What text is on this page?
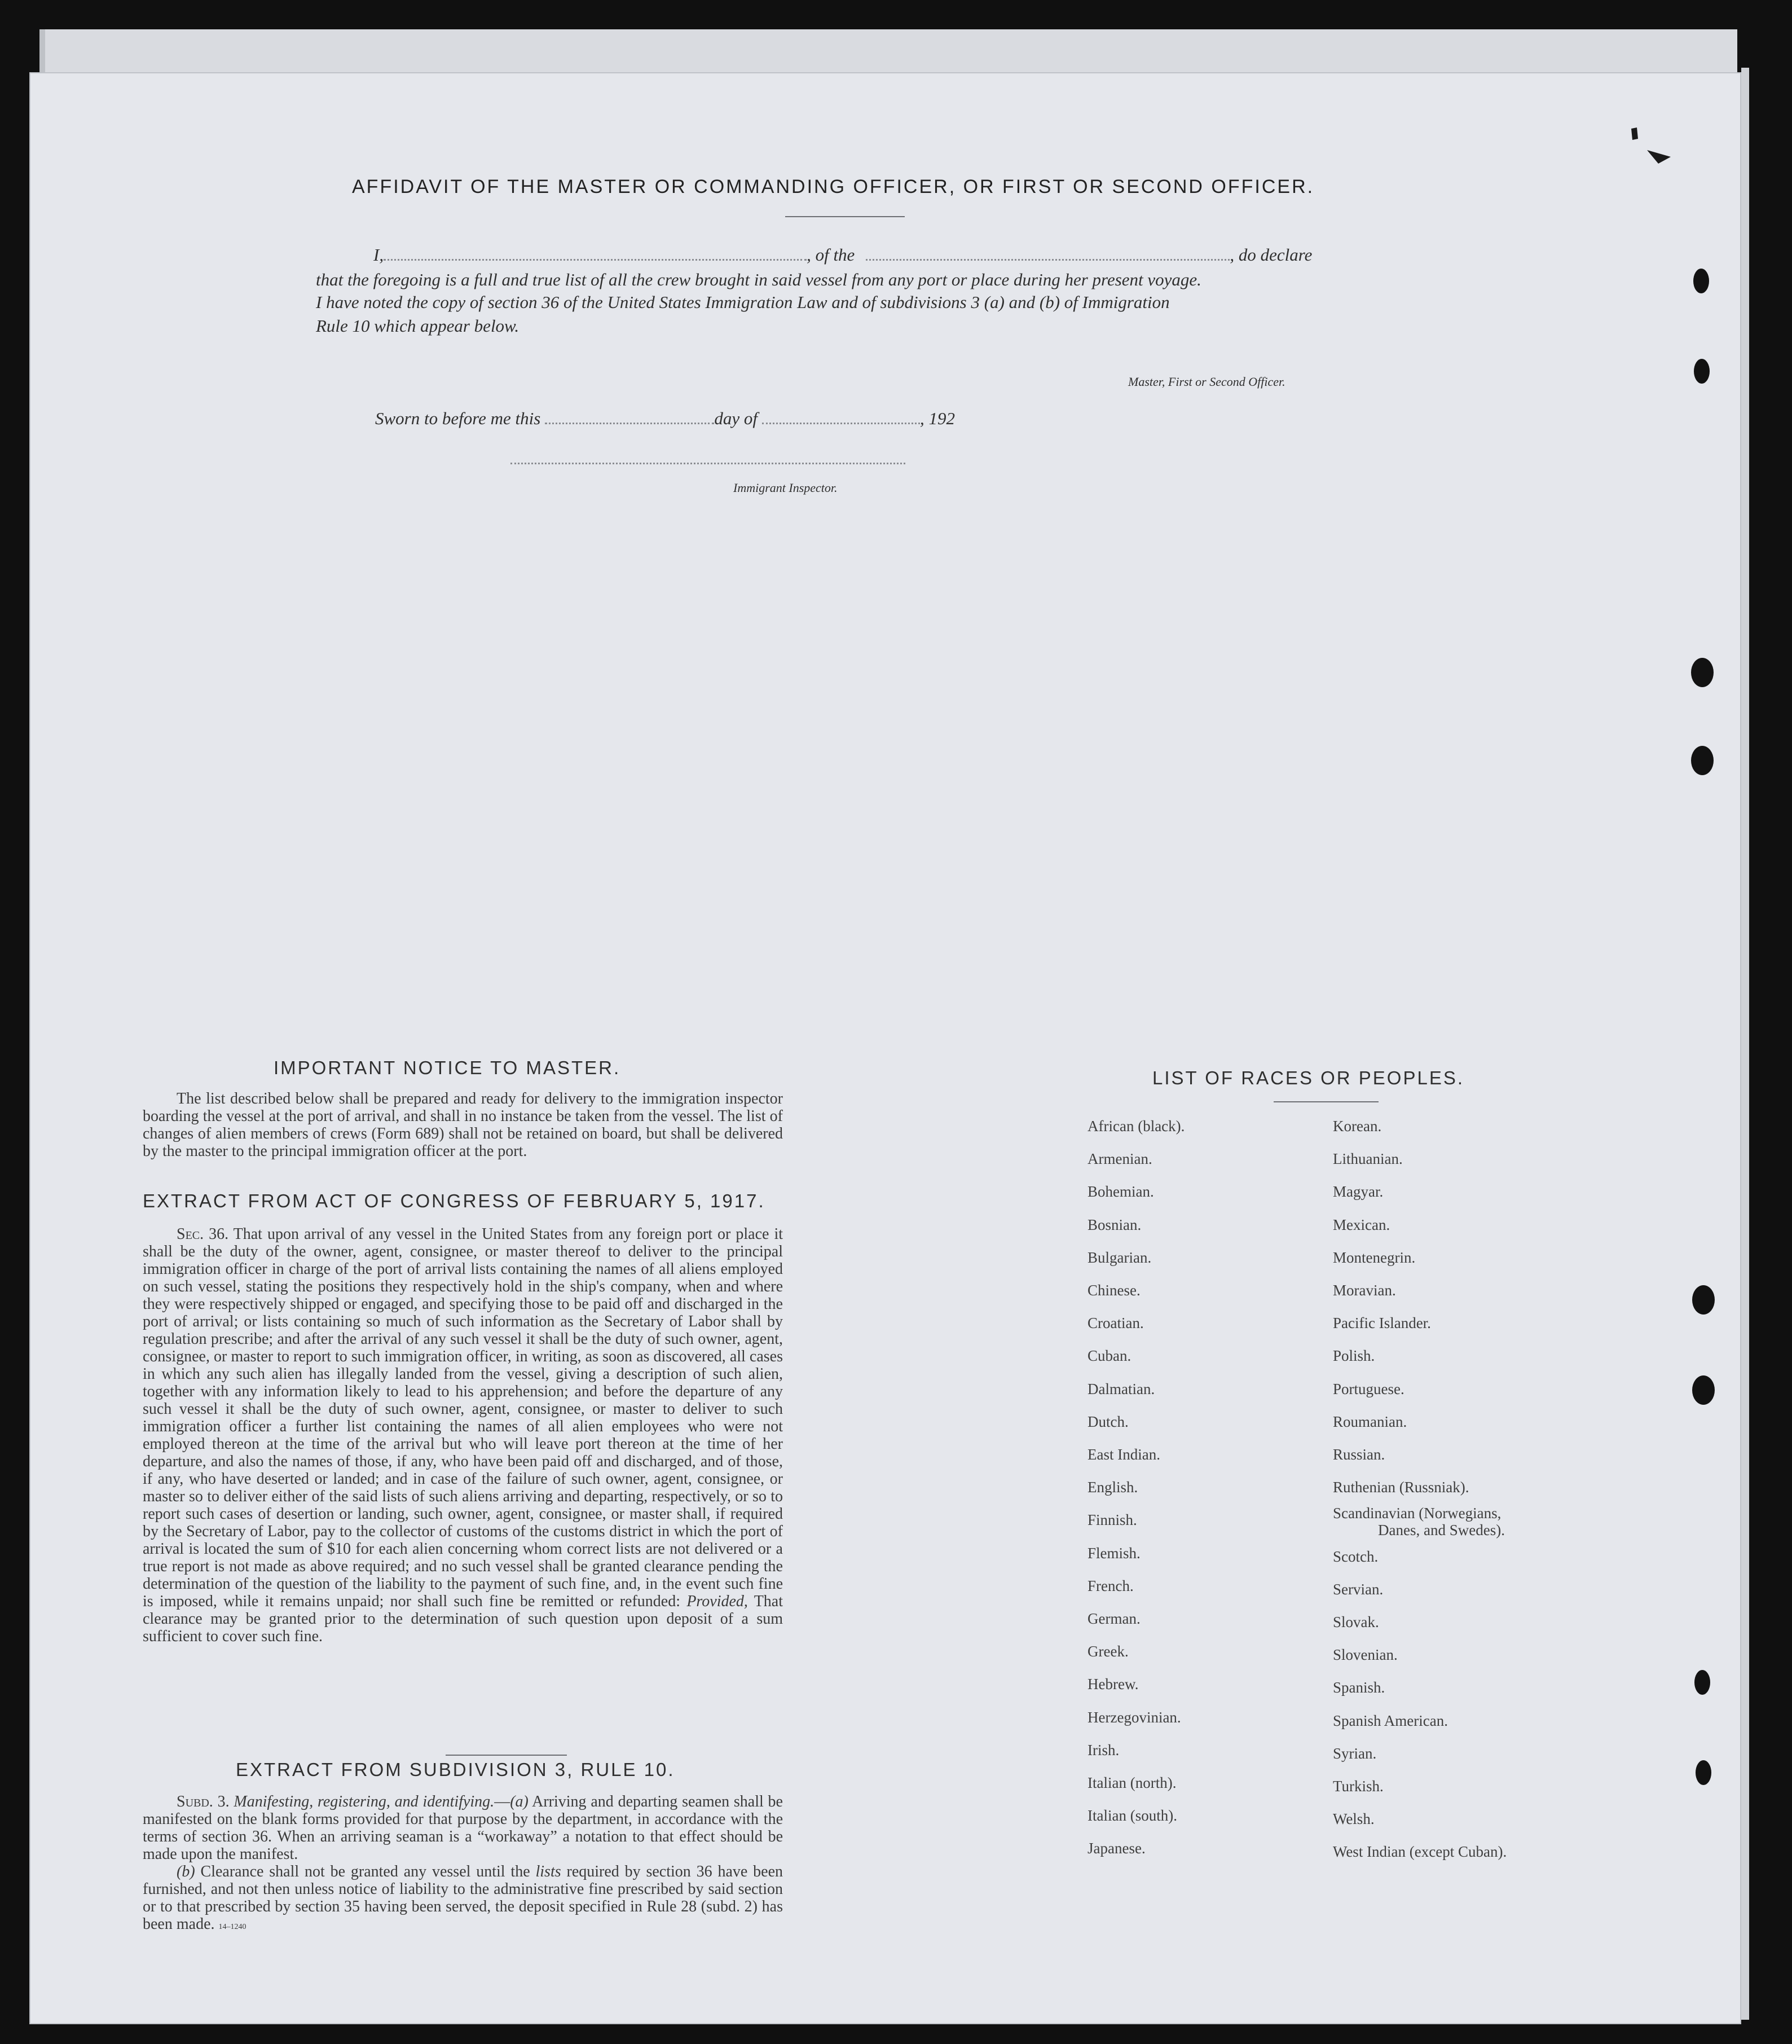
AFFIDAVIT OF THE MASTER OR COMMANDING OFFICER, OR FIRST OR SECOND OFFICER.
I,	, of the	, do declare
that the foregoing is a full and true list of all the crew brought in said vessel from any port or place during her present voyage.
I have noted the copy of section 36 of the United States Immigration Law and of subdivisions 3 (a) and (b) of Immigration
Rule 10 which appear below.
Master, First or Second Officer.
Sworn to before me this	day of	, 192
Immigrant Inspector.
IMPORTANT NOTICE TO MASTER.

The list described below shall be prepared and ready for delivery to the immigration inspector boarding the vessel at the port of arrival, and shall in no instance be taken from the vessel. The list of changes of alien members of crews (Form 689) shall not be retained on board, but shall be delivered by the master to the principal immigration officer at the port.

EXTRACT FROM ACT OF CONGRESS OF FEBRUARY 5, 1917.

Sec. 36. That upon arrival of any vessel in the United States from any foreign port or place it shall be the duty of the owner, agent, consignee, or master thereof to deliver to the principal immigration officer in charge of the port of arrival lists containing the names of all aliens employed on such vessel, stating the positions they respectively hold in the ship's company, when and where they were respectively shipped or engaged, and specifying those to be paid off and discharged in the port of arrival; or lists containing so much of such information as the Secretary of Labor shall by regulation prescribe; and after the arrival of any such vessel it shall be the duty of such owner, agent, consignee, or master to report to such immigration officer, in writing, as soon as discovered, all cases in which any such alien has illegally landed from the vessel, giving a description of such alien, together with any information likely to lead to his apprehension; and before the departure of any such vessel it shall be the duty of such owner, agent, consignee, or master to deliver to such immigration officer a further list containing the names of all alien employees who were not employed thereon at the time of the arrival but who will leave port thereon at the time of her departure, and also the names of those, if any, who have been paid off and discharged, and of those, if any, who have deserted or landed; and in case of the failure of such owner, agent, consignee, or master so to deliver either of the said lists of such aliens arriving and departing, respectively, or so to report such cases of desertion or landing, such owner, agent, consignee, or master shall, if required by the Secretary of Labor, pay to the collector of customs of the customs district in which the port of arrival is located the sum of $10 for each alien concerning whom correct lists are not delivered or a true report is not made as above required; and no such vessel shall be granted clearance pending the determination of the question of the liability to the payment of such fine, and, in the event such fine is imposed, while it remains unpaid; nor shall such fine be remitted or refunded: Provided, That clearance may be granted prior to the determination of such question upon deposit of a sum sufficient to cover such fine.

EXTRACT FROM SUBDIVISION 3, RULE 10.

Subd. 3. Manifesting, registering, and identifying.—(a) Arriving and departing seamen shall be manifested on the blank forms provided for that purpose by the department, in accordance with the terms of section 36. When an arriving seaman is a “workaway” a notation to that effect should be made upon the manifest.

(b) Clearance shall not be granted any vessel until the lists required by section 36 have been furnished, and not then unless notice of liability to the administrative fine prescribed by said section or to that prescribed by section 35 having been served, the deposit specified in Rule 28 (subd. 2) has been made. 14–1240

LIST OF RACES OR PEOPLES.
African (black).
Armenian.
Bohemian.
Bosnian.
Bulgarian.
Chinese.
Croatian.
Cuban.
Dalmatian.
Dutch.
East Indian.
English.
Finnish.
Flemish.
French.
German.
Greek.
Hebrew.
Herzegovinian.
Irish.
Italian (north).
Italian (south).
Japanese.
Korean.
Lithuanian.
Magyar.
Mexican.
Montenegrin.
Moravian.
Pacific Islander.
Polish.
Portuguese.
Roumanian.
Russian.
Ruthenian (Russniak).
Scandinavian (Norwegians,
Danes, and Swedes).
Scotch.
Servian.
Slovak.
Slovenian.
Spanish.
Spanish American.
Syrian.
Turkish.
Welsh.
West Indian (except Cuban).
